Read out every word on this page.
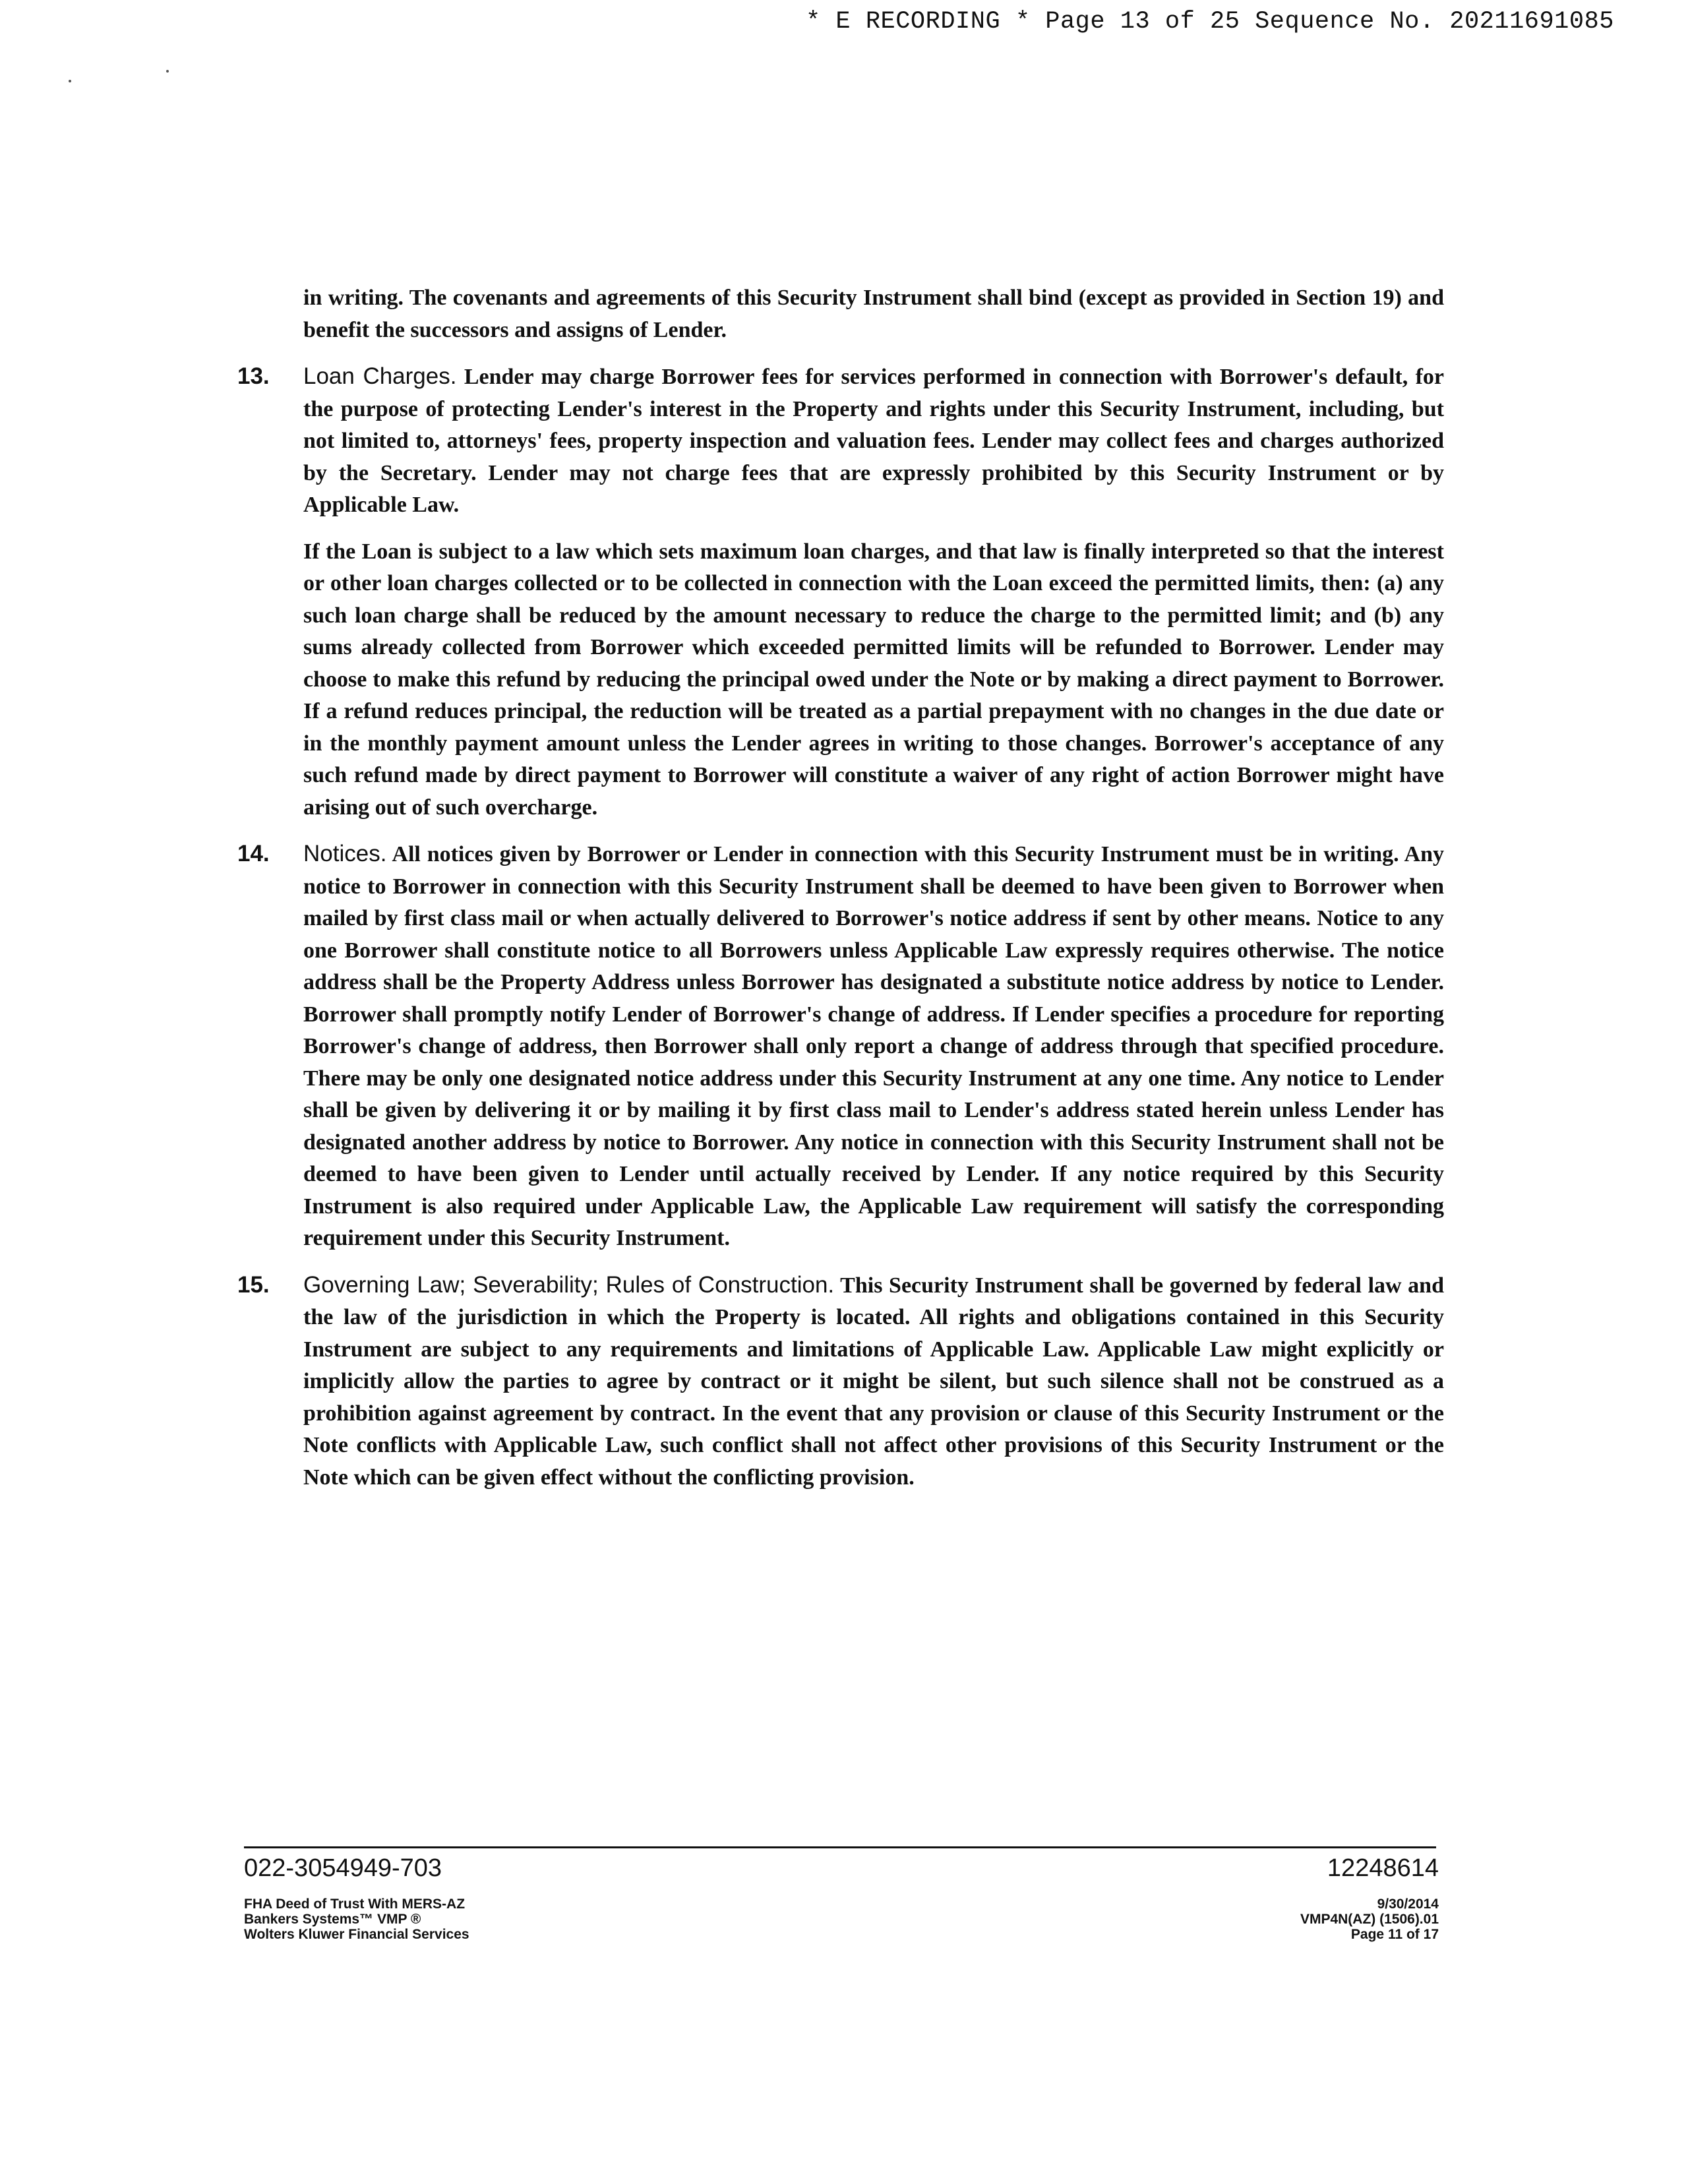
* E RECORDING * Page 13 of 25 Sequence No. 20211691085

in writing. The covenants and agreements of this Security Instrument shall bind (except as provided in Section 19) and benefit the successors and assigns of Lender.

13. Loan Charges. Lender may charge Borrower fees for services performed in connection with Borrower's default, for the purpose of protecting Lender's interest in the Property and rights under this Security Instrument, including, but not limited to, attorneys' fees, property inspection and valuation fees. Lender may collect fees and charges authorized by the Secretary. Lender may not charge fees that are expressly prohibited by this Security Instrument or by Applicable Law.

If the Loan is subject to a law which sets maximum loan charges, and that law is finally interpreted so that the interest or other loan charges collected or to be collected in connection with the Loan exceed the permitted limits, then: (a) any such loan charge shall be reduced by the amount necessary to reduce the charge to the permitted limit; and (b) any sums already collected from Borrower which exceeded permitted limits will be refunded to Borrower. Lender may choose to make this refund by reducing the principal owed under the Note or by making a direct payment to Borrower. If a refund reduces principal, the reduction will be treated as a partial prepayment with no changes in the due date or in the monthly payment amount unless the Lender agrees in writing to those changes. Borrower's acceptance of any such refund made by direct payment to Borrower will constitute a waiver of any right of action Borrower might have arising out of such overcharge.

14. Notices. All notices given by Borrower or Lender in connection with this Security Instrument must be in writing. Any notice to Borrower in connection with this Security Instrument shall be deemed to have been given to Borrower when mailed by first class mail or when actually delivered to Borrower's notice address if sent by other means. Notice to any one Borrower shall constitute notice to all Borrowers unless Applicable Law expressly requires otherwise. The notice address shall be the Property Address unless Borrower has designated a substitute notice address by notice to Lender. Borrower shall promptly notify Lender of Borrower's change of address. If Lender specifies a procedure for reporting Borrower's change of address, then Borrower shall only report a change of address through that specified procedure. There may be only one designated notice address under this Security Instrument at any one time. Any notice to Lender shall be given by delivering it or by mailing it by first class mail to Lender's address stated herein unless Lender has designated another address by notice to Borrower. Any notice in connection with this Security Instrument shall not be deemed to have been given to Lender until actually received by Lender. If any notice required by this Security Instrument is also required under Applicable Law, the Applicable Law requirement will satisfy the corresponding requirement under this Security Instrument.

15. Governing Law; Severability; Rules of Construction. This Security Instrument shall be governed by federal law and the law of the jurisdiction in which the Property is located. All rights and obligations contained in this Security Instrument are subject to any requirements and limitations of Applicable Law. Applicable Law might explicitly or implicitly allow the parties to agree by contract or it might be silent, but such silence shall not be construed as a prohibition against agreement by contract. In the event that any provision or clause of this Security Instrument or the Note conflicts with Applicable Law, such conflict shall not affect other provisions of this Security Instrument or the Note which can be given effect without the conflicting provision.

022-3054949-703	12248614
FHA Deed of Trust With MERS-AZ
Bankers Systems™ VMP ®
Wolters Kluwer Financial Services
9/30/2014
VMP4N(AZ) (1506).01
Page 11 of 17
